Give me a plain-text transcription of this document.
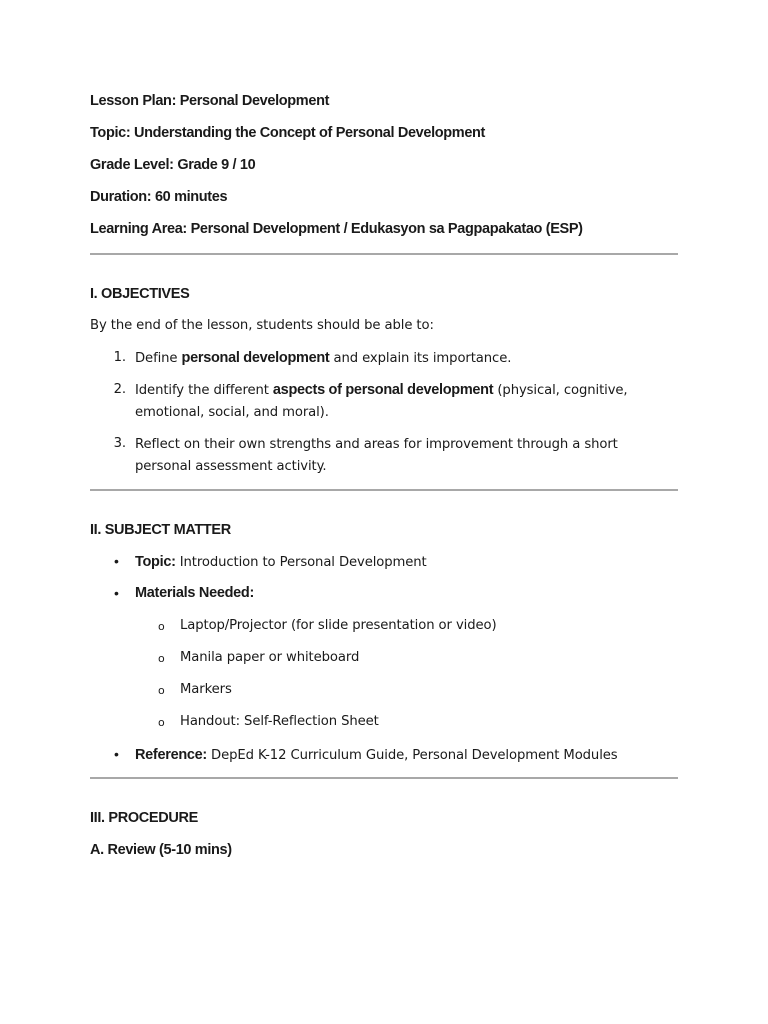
Lesson Plan: Personal Development
Topic: Understanding the Concept of Personal Development
Grade Level: Grade 9 / 10
Duration: 60 minutes
Learning Area: Personal Development / Edukasyon sa Pagpapakatao (ESP)
I. OBJECTIVES
By the end of the lesson, students should be able to:
1. Define personal development and explain its importance.
2. Identify the different aspects of personal development (physical, cognitive, emotional, social, and moral).
3. Reflect on their own strengths and areas for improvement through a short personal assessment activity.
II. SUBJECT MATTER
• Topic: Introduction to Personal Development
• Materials Needed:
o Laptop/Projector (for slide presentation or video)
o Manila paper or whiteboard
o Markers
o Handout: Self-Reflection Sheet
• Reference: DepEd K-12 Curriculum Guide, Personal Development Modules
III. PROCEDURE
A. Review (5-10 mins)
